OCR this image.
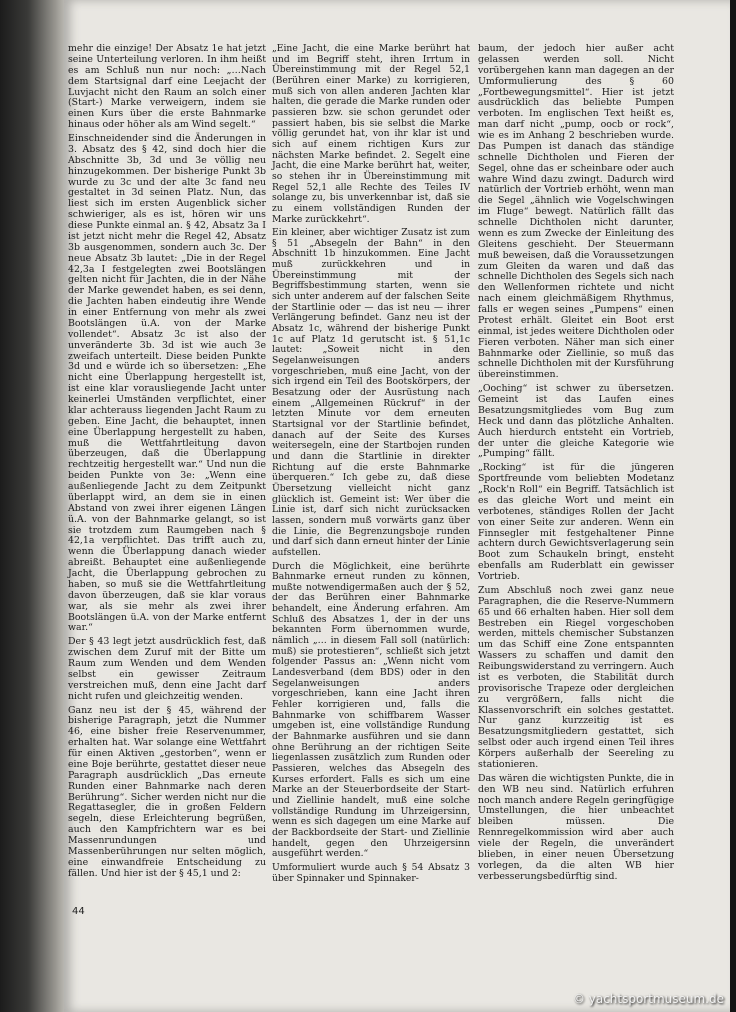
mehr die einzige! Der Absatz 1e hat jetzt seine Unterteilung verloren. In ihm heißt es am Schluß nun nur noch: „…Nach dem Startsignal darf eine Leejacht der Luvjacht nicht den Raum an solch einer (Start-) Marke verweigern, indem sie einen Kurs über die erste Bahnmarke hinaus oder höher als am Wind segelt.“

Einschneidender sind die Änderungen in 3. Absatz des § 42, sind doch hier die Abschnitte 3b, 3d und 3e völlig neu hinzugekommen. Der bisherige Punkt 3b wurde zu 3c und der alte 3c fand neu gestaltet in 3d seinen Platz. Nun, das liest sich im ersten Augenblick sicher schwieriger, als es ist, hören wir uns diese Punkte einmal an. § 42, Absatz 3a I ist jetzt nicht mehr die Regel 42, Absatz 3b ausgenommen, sondern auch 3c. Der neue Absatz 3b lautet: „Die in der Regel 42,3a I festgelegten zwei Bootslängen gelten nicht für Jachten, die in der Nähe der Marke gewendet haben, es sei denn, die Jachten haben eindeutig ihre Wende in einer Entfernung von mehr als zwei Bootslängen ü.A. von der Marke vollendet“. Absatz 3c ist also der unveränderte 3b. 3d ist wie auch 3e zweifach unterteilt. Diese beiden Punkte 3d und e würde ich so übersetzen: „Ehe nicht eine Überlappung hergestellt ist, ist eine klar vorausliegende Jacht unter keinerlei Umständen verpflichtet, einer klar achterauss liegenden Jacht Raum zu geben. Eine Jacht, die behauptet, innen eine Überlappung hergestellt zu haben, muß die Wettfahrtleitung davon überzeugen, daß die Überlappung rechtzeitig hergestellt war.“ Und nun die beiden Punkte von 3e: „Wenn eine außenliegende Jacht zu dem Zeitpunkt überlappt wird, an dem sie in einen Abstand von zwei ihrer eigenen Längen ü.A. von der Bahnmarke gelangt, so ist sie trotzdem zum Raumgeben nach § 42,1a verpflichtet. Das trifft auch zu, wenn die Überlappung danach wieder abreißt. Behauptet eine außenliegende Jacht, die Überlappung gebrochen zu haben, so muß sie die Wettfahrtleitung davon überzeugen, daß sie klar voraus war, als sie mehr als zwei ihrer Bootslängen ü.A. von der Marke entfernt war.“

Der § 43 legt jetzt ausdrücklich fest, daß zwischen dem Zuruf mit der Bitte um Raum zum Wenden und dem Wenden selbst ein gewisser Zeitraum verstreichen muß, denn eine Jacht darf nicht rufen und gleichzeitig wenden.

Ganz neu ist der § 45, während der bisherige Paragraph, jetzt die Nummer 46, eine bisher freie Reservenummer, erhalten hat. War solange eine Wettfahrt für einen Aktiven „gestorben“, wenn er eine Boje berührte, gestattet dieser neue Paragraph ausdrücklich „Das erneute Runden einer Bahnmarke nach deren Berührung“. Sicher werden nicht nur die Regattasegler, die in großen Feldern segeln, diese Erleichterung begrüßen, auch den Kampfrichtern war es bei Massenrundungen und Massenberührungen nur selten möglich, eine einwandfreie Entscheidung zu fällen. Und hier ist der § 45,1 und 2:

„Eine Jacht, die eine Marke berührt hat und im Begriff steht, ihren Irrtum in Übereinstimmung mit der Regel 52,1 (Berühren einer Marke) zu korrigieren, muß sich von allen anderen Jachten klar halten, die gerade die Marke runden oder passieren bzw. sie schon gerundet oder passiert haben, bis sie selbst die Marke völlig gerundet hat, von ihr klar ist und sich auf einem richtigen Kurs zur nächsten Marke befindet. 2. Segelt eine Jacht, die eine Marke berührt hat, weiter, so stehen ihr in Übereinstimmung mit Regel 52,1 alle Rechte des Teiles IV solange zu, bis unverkennbar ist, daß sie zu einem vollständigen Runden der Marke zurückkehrt“.

Ein kleiner, aber wichtiger Zusatz ist zum § 51 „Absegeln der Bahn“ in den Abschnitt 1b hinzukommen. Eine Jacht muß zurückkehren und in Übereinstimmung mit der Begriffsbestimmung starten, wenn sie sich unter anderem auf der falschen Seite der Startlinie oder — das ist neu — ihrer Verlängerung befindet. Ganz neu ist der Absatz 1c, während der bisherige Punkt 1c auf Platz 1d gerutscht ist. § 51,1c lautet: „Soweit nicht in den Segelanweisungen anders vorgeschrieben, muß eine Jacht, von der sich irgend ein Teil des Bootskörpers, der Besatzung oder der Ausrüstung nach einem „Allgemeinen Rückruf“ in der letzten Minute vor dem erneuten Startsignal vor der Startlinie befindet, danach auf der Seite des Kurses weitersegeln, eine der Startbojen runden und dann die Startlinie in direkter Richtung auf die erste Bahnmarke überqueren.“ Ich gebe zu, daß diese Übersetzung vielleicht nicht ganz glücklich ist. Gemeint ist: Wer über die Linie ist, darf sich nicht zurücksacken lassen, sondern muß vorwärts ganz über die Linie, die Begrenzungsboje runden und darf sich dann erneut hinter der Linie aufstellen.

Durch die Möglichkeit, eine berührte Bahnmarke erneut runden zu können, mußte notwendigermaßen auch der § 52, der das Berühren einer Bahnmarke behandelt, eine Änderung erfahren. Am Schluß des Absatzes 1, der in der uns bekannten Form übernommen wurde, nämlich „… in diesem Fall soll (natürlich: muß) sie protestieren“, schließt sich jetzt folgender Passus an: „Wenn nicht vom Landesverband (dem BDS) oder in den Segelanweisungen anders vorgeschrieben, kann eine Jacht ihren Fehler korrigieren und, falls die Bahnmarke von schiffbarem Wasser umgeben ist, eine vollständige Rundung der Bahnmarke ausführen und sie dann ohne Berührung an der richtigen Seite liegenlassen zusätzlich zum Runden oder Passieren, welches das Absegeln des Kurses erfordert. Falls es sich um eine Marke an der Steuerbordseite der Start- und Ziellinie handelt, muß eine solche vollständige Rundung im Uhrzeigersinn, wenn es sich dagegen um eine Marke auf der Backbordseite der Start- und Ziellinie handelt, gegen den Uhrzeigersinn ausgeführt werden.“

Umformuliert wurde auch § 54 Absatz 3 über Spinnaker und Spinnaker-

baum, der jedoch hier außer acht gelassen werden soll. Nicht vorübergehen kann man dagegen an der Umformulierung des § 60 „Fortbewegungsmittel“. Hier ist jetzt ausdrücklich das beliebte Pumpen verboten. Im englischen Text heißt es, man darf nicht „pump, oocb or rock“, wie es im Anhang 2 beschrieben wurde. Das Pumpen ist danach das ständige schnelle Dichtholen und Fieren der Segel, ohne das er scheinbare oder auch wahre Wind dazu zwingt. Dadurch wird natürlich der Vortrieb erhöht, wenn man die Segel „ähnlich wie Vogelschwingen im Fluge“ bewegt. Natürlich fällt das schnelle Dichtholen nicht darunter, wenn es zum Zwecke der Einleitung des Gleitens geschieht. Der Steuermann muß beweisen, daß die Voraussetzungen zum Gleiten da waren und daß das schnelle Dichtholen des Segels sich nach den Wellenformen richtete und nicht nach einem gleichmäßigem Rhythmus, falls er wegen seines „Pumpens“ einen Protest erhält. Gleitet ein Boot erst einmal, ist jedes weitere Dichtholen oder Fieren verboten. Näher man sich einer Bahnmarke oder Ziellinie, so muß das schnelle Dichtholen mit der Kursführung übereinstimmen.

„Ooching“ ist schwer zu übersetzen. Gemeint ist das Laufen eines Besatzungsmitgliedes vom Bug zum Heck und dann das plötzliche Anhalten. Auch hierdurch entsteht ein Vortrieb, der unter die gleiche Kategorie wie „Pumping“ fällt.

„Rocking“ ist für die jüngeren Sportfreunde vom beliebten Modetanz „Rock'n Roll“ ein Begriff. Tatsächlich ist es das gleiche Wort und meint ein verbotenes, ständiges Rollen der Jacht von einer Seite zur anderen. Wenn ein Finnsegler mit festgehaltener Pinne achtern durch Gewichtsverlagerung sein Boot zum Schaukeln bringt, ensteht ebenfalls am Ruderblatt ein gewisser Vortrieb.

Zum Abschluß noch zwei ganz neue Paragraphen, die die Reserve-Nummern 65 und 66 erhalten haben. Hier soll dem Bestreben ein Riegel vorgeschoben werden, mittels chemischer Substanzen um das Schiff eine Zone entspannten Wassers zu schaffen und damit den Reibungswiderstand zu verringern. Auch ist es verboten, die Stabilität durch provisorische Trapeze oder dergleichen zu vergrößern, falls nicht die Klassenvorschrift ein solches gestattet. Nur ganz kurzzeitig ist es Besatzungsmitgliedern gestattet, sich selbst oder auch irgend einen Teil ihres Körpers außerhalb der Seereling zu stationieren.

Das wären die wichtigsten Punkte, die in den WB neu sind. Natürlich erfuhren noch manch andere Regeln geringfügige Umstellungen, die hier unbeachtet bleiben müssen. Die Rennregelkommission wird aber auch viele der Regeln, die unverändert blieben, in einer neuen Übersetzung vorlegen, da die alten WB hier verbesserungsbedürftig sind.

44
© yachtsportmuseum.de
